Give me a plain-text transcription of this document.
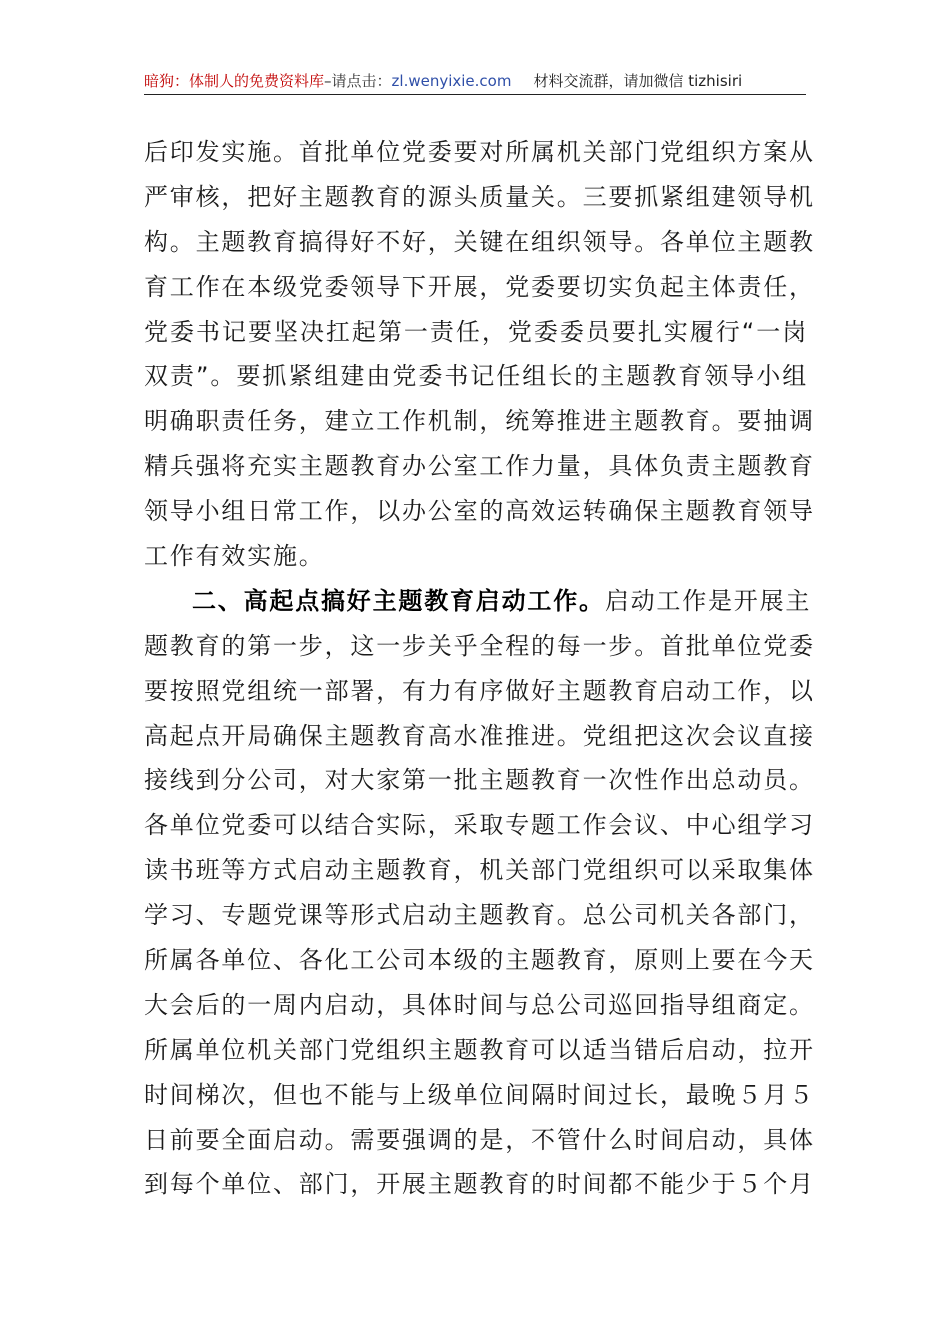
暗狗：体制人的免费资料库–请点击：zl.wenyixie.com 材料交流群，请加微信 tizhisiri
后印发实施。首批单位党委要对所属机关部门党组织方案从
严审核，把好主题教育的源头质量关。三要抓紧组建领导机
构。主题教育搞得好不好，关键在组织领导。各单位主题教
育工作在本级党委领导下开展，党委要切实负起主体责任，
党委书记要坚决扛起第一责任，党委委员要扎实履行“一岗
双责”。要抓紧组建由党委书记任组长的主题教育领导小组
明确职责任务，建立工作机制，统筹推进主题教育。要抽调
精兵强将充实主题教育办公室工作力量，具体负责主题教育
领导小组日常工作，以办公室的高效运转确保主题教育领导
工作有效实施。
二、高起点搞好主题教育启动工作。启动工作是开展主
题教育的第一步，这一步关乎全程的每一步。首批单位党委
要按照党组统一部署，有力有序做好主题教育启动工作，以
高起点开局确保主题教育高水准推进。党组把这次会议直接
接线到分公司，对大家第一批主题教育一次性作出总动员。
各单位党委可以结合实际，采取专题工作会议、中心组学习
读书班等方式启动主题教育，机关部门党组织可以采取集体
学习、专题党课等形式启动主题教育。总公司机关各部门，
所属各单位、各化工公司本级的主题教育，原则上要在今天
大会后的一周内启动，具体时间与总公司巡回指导组商定。
所属单位机关部门党组织主题教育可以适当错后启动，拉开
时间梯次，但也不能与上级单位间隔时间过长，最晚５月５
日前要全面启动。需要强调的是，不管什么时间启动，具体
到每个单位、部门，开展主题教育的时间都不能少于５个月
